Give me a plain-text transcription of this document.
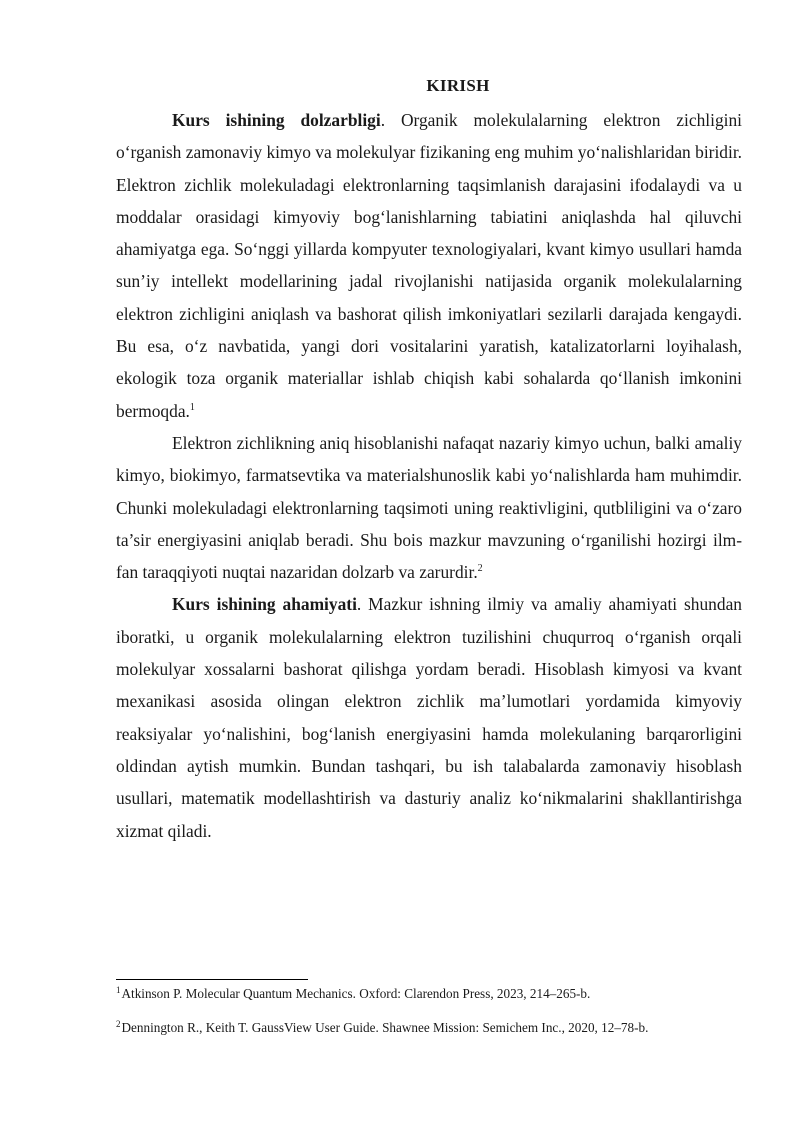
KIRISH

Kurs ishining dolzarbligi. Organik molekulalarning elektron zichligini o‘rganish zamonaviy kimyo va molekulyar fizikaning eng muhim yo‘nalishlaridan biridir. Elektron zichlik molekuladagi elektronlarning taqsimlanish darajasini ifodalaydi va u moddalar orasidagi kimyoviy bog‘lanishlarning tabiatini aniqlashda hal qiluvchi ahamiyatga ega. So‘nggi yillarda kompyuter texnologiyalari, kvant kimyo usullari hamda sun’iy intellekt modellarining jadal rivojlanishi natijasida organik molekulalarning elektron zichligini aniqlash va bashorat qilish imkoniyatlari sezilarli darajada kengaydi. Bu esa, o‘z navbatida, yangi dori vositalarini yaratish, katalizatorlarni loyihalash, ekologik toza organik materiallar ishlab chiqish kabi sohalarda qo‘llanish imkonini bermoqda.$^1$

Elektron zichlikning aniq hisoblanishi nafaqat nazariy kimyo uchun, balki amaliy kimyo, biokimyo, farmatsevtika va materialshunoslik kabi yo‘nalishlarda ham muhimdir. Chunki molekuladagi elektronlarning taqsimoti uning reaktivligini, qutbliligini va o‘zaro ta’sir energiyasini aniqlab beradi. Shu bois mazkur mavzuning o‘rganilishi hozirgi ilm-fan taraqqiyoti nuqtai nazaridan dolzarb va zarurdir.$^2$

Kurs ishining ahamiyati. Mazkur ishning ilmiy va amaliy ahamiyati shundan iboratki, u organik molekulalarning elektron tuzilishini chuqurroq o‘rganish orqali molekulyar xossalarni bashorat qilishga yordam beradi. Hisoblash kimyosi va kvant mexanikasi asosida olingan elektron zichlik ma’lumotlari yordamida kimyoviy reaksiyalar yo‘nalishini, bog‘lanish energiyasini hamda molekulaning barqarorligini oldindan aytish mumkin. Bundan tashqari, bu ish talabalarda zamonaviy hisoblash usullari, matematik modellashtirish va dasturiy analiz ko‘nikmalarini shakllantirishga xizmat qiladi.

$^1$Atkinson P. Molecular Quantum Mechanics. Oxford: Clarendon Press, 2023, 214–265-b.
$^2$Dennington R., Keith T. GaussView User Guide. Shawnee Mission: Semichem Inc., 2020, 12–78-b.
